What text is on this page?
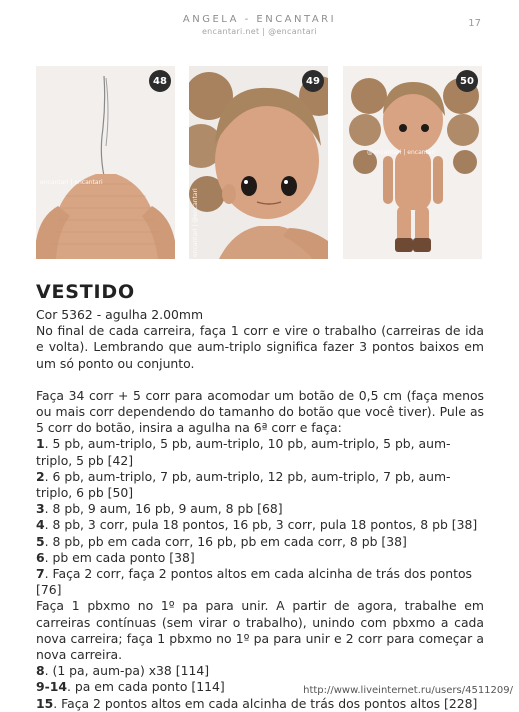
ANGELA - ENCANTARI
encantari.net | @encantari
17
encantari | encantari
48
encantari | @encantari
49
@encantari | encantari
50
VESTIDO

Cor 5362 - agulha 2.00mm

No final de cada carreira, faça 1 corr e vire o trabalho (carreiras de ida e volta). Lembrando que aum-triplo significa fazer 3 pontos baixos em um só ponto ou conjunto.

Faça 34 corr + 5 corr para acomodar um botão de 0,5 cm (faça menos ou mais corr dependendo do tamanho do botão que você tiver). Pule as 5 corr do botão, insira a agulha na 6ª corr e faça:

1. 5 pb, aum-triplo, 5 pb, aum-triplo, 10 pb, aum-triplo, 5 pb, aum-triplo, 5 pb [42]

2. 6 pb, aum-triplo, 7 pb, aum-triplo, 12 pb, aum-triplo, 7 pb, aum-triplo, 6 pb [50]

3. 8 pb, 9 aum, 16 pb, 9 aum, 8 pb [68]

4. 8 pb, 3 corr, pula 18 pontos, 16 pb, 3 corr, pula 18 pontos, 8 pb [38]

5. 8 pb, pb em cada corr, 16 pb, pb em cada corr, 8 pb [38]

6. pb em cada ponto [38]

7. Faça 2 corr, faça 2 pontos altos em cada alcinha de trás dos pontos [76]

Faça 1 pbxmo no 1º pa para unir. A partir de agora, trabalhe em carreiras contínuas (sem virar o trabalho), unindo com pbxmo a cada nova carreira; faça 1 pbxmo no 1º pa para unir e 2 corr para começar a nova carreira.

8. (1 pa, aum-pa) x38 [114]

9-14. pa em cada ponto [114]

15. Faça 2 pontos altos em cada alcinha de trás dos pontos altos [228]

http://www.liveinternet.ru/users/4511209/
